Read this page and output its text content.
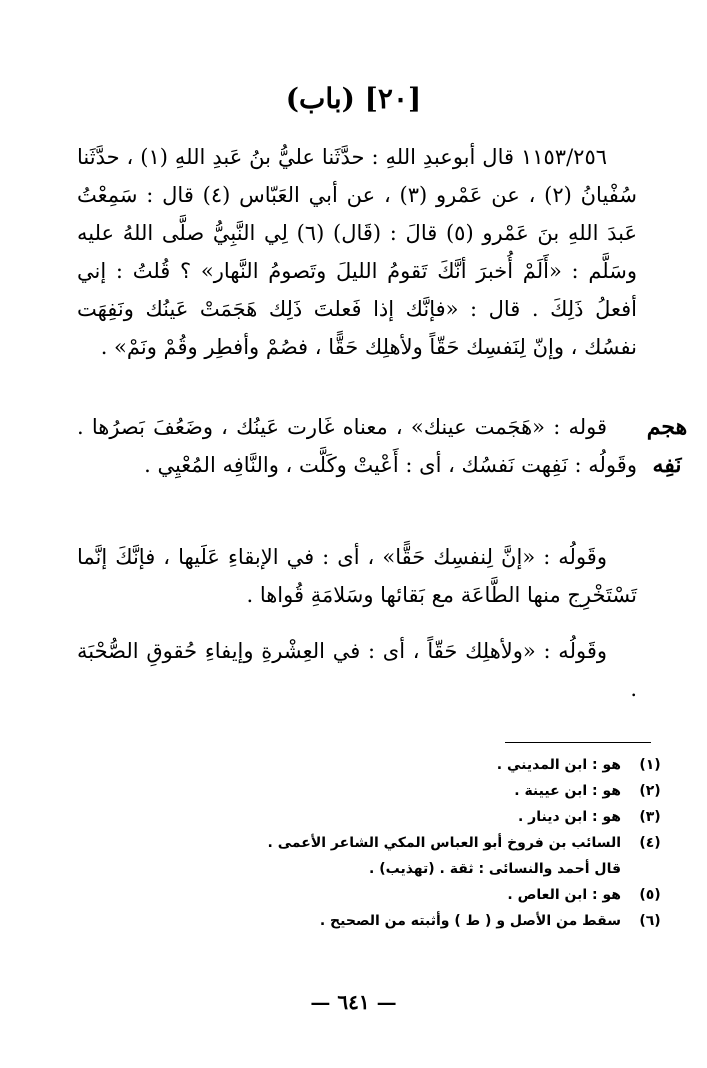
[٢٠] (باب)

١١٥٣/٢٥٦ قال أبوعبدِ اللهِ : حدَّثَنا عليُّ بنُ عَبدِ اللهِ (١) ، حدَّثَنا سُفْيانُ (٢) ، عن عَمْرو (٣) ، عن أبي العَبّاس (٤) قال : سَمِعْتُ عَبدَ اللهِ بنَ عَمْرو (٥) قالَ : (قَال) (٦) لِي النَّبِيُّ صلَّى اللهُ عليه وسَلَّم : «أَلَمْ أُخبرَ أنَّكَ تَقومُ الليلَ وتَصومُ النَّهار» ؟ قُلتُ : إني أفعلُ ذَلِكَ . قال : «فإنَّك إذا فَعلتَ ذَلِك هَجَمَتْ عَينُك ونَفِهَت نفسُك ، وإنّ لِنَفسِك حَقّاً ولأهلِك حَقًّا ، فصُمْ وأفطِر وقُمْ ونَمْ» .

هجم
نَفِه

قوله : «هَجَمت عينك» ، معناه غَارت عَينُك ، وضَعُفَ بَصرُها . وقَولُه : نَفِهت نَفسُك ، أى : أَعْيتْ وكَلَّت ، والنَّافِه المُعْيِي .

وقَولُه : «إنَّ لِنفسِك حَقًّا» ، أى : في الإبقاءِ عَلَيها ، فإنَّكَ إنَّما تَسْتَخْرِج منها الطَّاعَة مع بَقائها وسَلامَةِ قُواها .

وقَولُه : «ولأهلِك حَقّاً ، أى : في العِشْرةِ وإيفاءِ حُقوقِ الصُّحْبَة .

(١)
هو : ابن المديني .
(٢)
هو : ابن عيينة .
(٣)
هو : ابن دينار .
(٤)
السائب بن فروخ أبو العباس المكي الشاعر الأعمى .
قال أحمد والنسائى : ثقة . (تهذيب) .
(٥)
هو : ابن العاص .
(٦)
سقط من الأصل و ( ط ) وأثبته من الصحيح .
— ٦٤١ —
